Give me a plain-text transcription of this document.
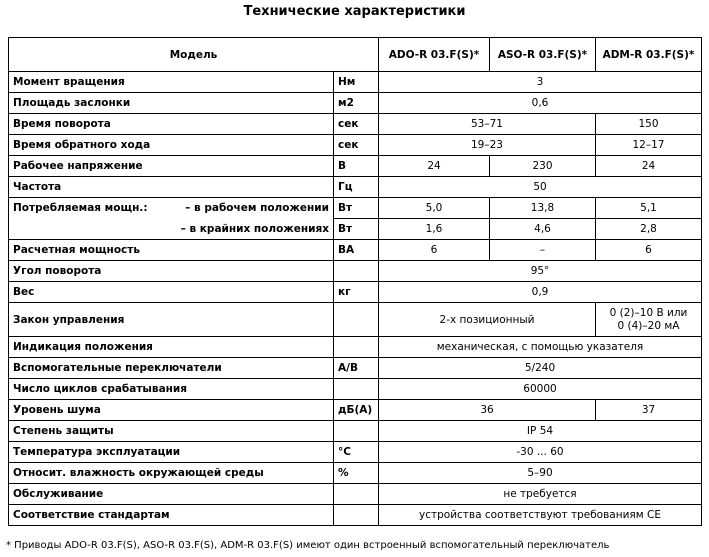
Технические характеристики
Модель		ADO-R 03.F(S)*	ASO-R 03.F(S)*	ADM-R 03.F(S)*
Момент вращения	Нм	3		
Площадь заслонки	м2	0,6		
Время поворота	сек	53–71		150
Время обратного хода	сек	19–23		12–17
Рабочее напряжение	В	24	230	24
Частота	Гц	50		

Потребляемая мощн.: – в рабочем положении	Вт	5,0	13,8	5,1
– в крайних положениях	Вт	1,6	4,6	2,8
Расчетная мощность	ВА	6	–	6
Угол поворота		95°		
Вес	кг	0,9		
Закон управления		2-х позиционный		0 (2)–10 В или
0 (4)–20 мА

Индикация положения		механическая, с помощью указателя		
Вспомогательные переключатели	А/В	5/240		
Число циклов срабатывания		60000		
Уровень шума	дБ(А)	36		37
Степень защиты		IP 54		
Температура эксплуатации	°С	-30 ... 60		
Относит. влажность окружающей среды	%	5–90		
Обслуживание		не требуется		
Соответствие стандартам		устройства соответствуют требованиям CE		
* Приводы ADO-R 03.F(S), ASO-R 03.F(S), ADM-R 03.F(S) имеют один встроенный вспомогательный переключатель
